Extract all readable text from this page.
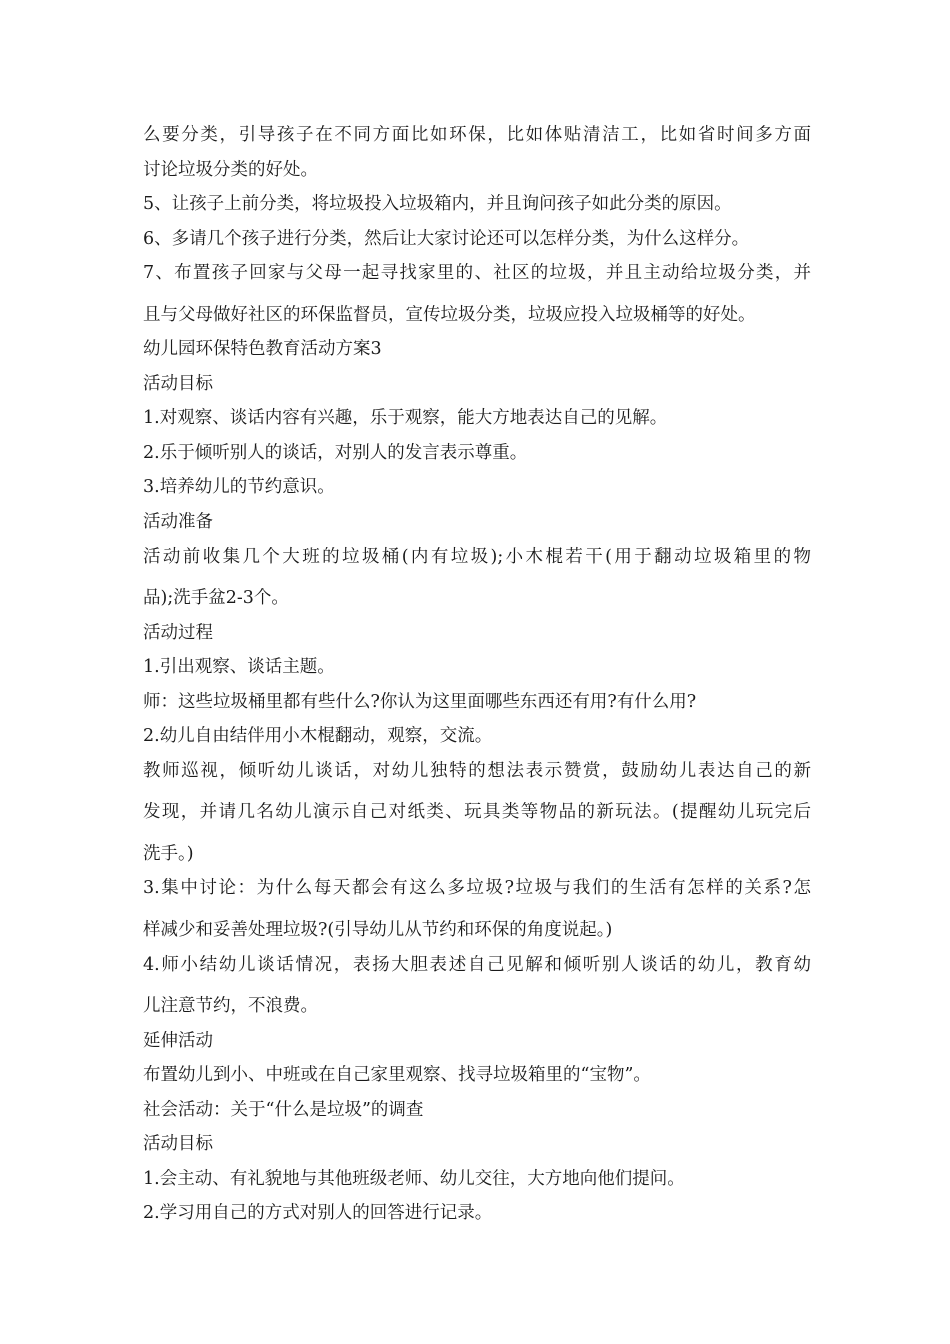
么要分类，引导孩子在不同方面比如环保，比如体贴清洁工，比如省时间多方面
讨论垃圾分类的好处。
5、让孩子上前分类，将垃圾投入垃圾箱内，并且询问孩子如此分类的原因。
6、多请几个孩子进行分类，然后让大家讨论还可以怎样分类，为什么这样分。
7、布置孩子回家与父母一起寻找家里的、社区的垃圾，并且主动给垃圾分类，并
且与父母做好社区的环保监督员，宣传垃圾分类，垃圾应投入垃圾桶等的好处。
幼儿园环保特色教育活动方案3
活动目标
1.对观察、谈话内容有兴趣，乐于观察，能大方地表达自己的见解。
2.乐于倾听别人的谈话，对别人的发言表示尊重。
3.培养幼儿的节约意识。
活动准备
活动前收集几个大班的垃圾桶(内有垃圾);小木棍若干(用于翻动垃圾箱里的物
品);洗手盆2-3个。
活动过程
1.引出观察、谈话主题。
师：这些垃圾桶里都有些什么?你认为这里面哪些东西还有用?有什么用?
2.幼儿自由结伴用小木棍翻动，观察，交流。
教师巡视，倾听幼儿谈话，对幼儿独特的想法表示赞赏，鼓励幼儿表达自己的新
发现，并请几名幼儿演示自己对纸类、玩具类等物品的新玩法。(提醒幼儿玩完后
洗手。)
3.集中讨论：为什么每天都会有这么多垃圾?垃圾与我们的生活有怎样的关系?怎
样减少和妥善处理垃圾?(引导幼儿从节约和环保的角度说起。)
4.师小结幼儿谈话情况，表扬大胆表述自己见解和倾听别人谈话的幼儿，教育幼
儿注意节约，不浪费。
延伸活动
布置幼儿到小、中班或在自己家里观察、找寻垃圾箱里的“宝物”。
社会活动：关于“什么是垃圾”的调查
活动目标
1.会主动、有礼貌地与其他班级老师、幼儿交往，大方地向他们提问。
2.学习用自己的方式对别人的回答进行记录。
